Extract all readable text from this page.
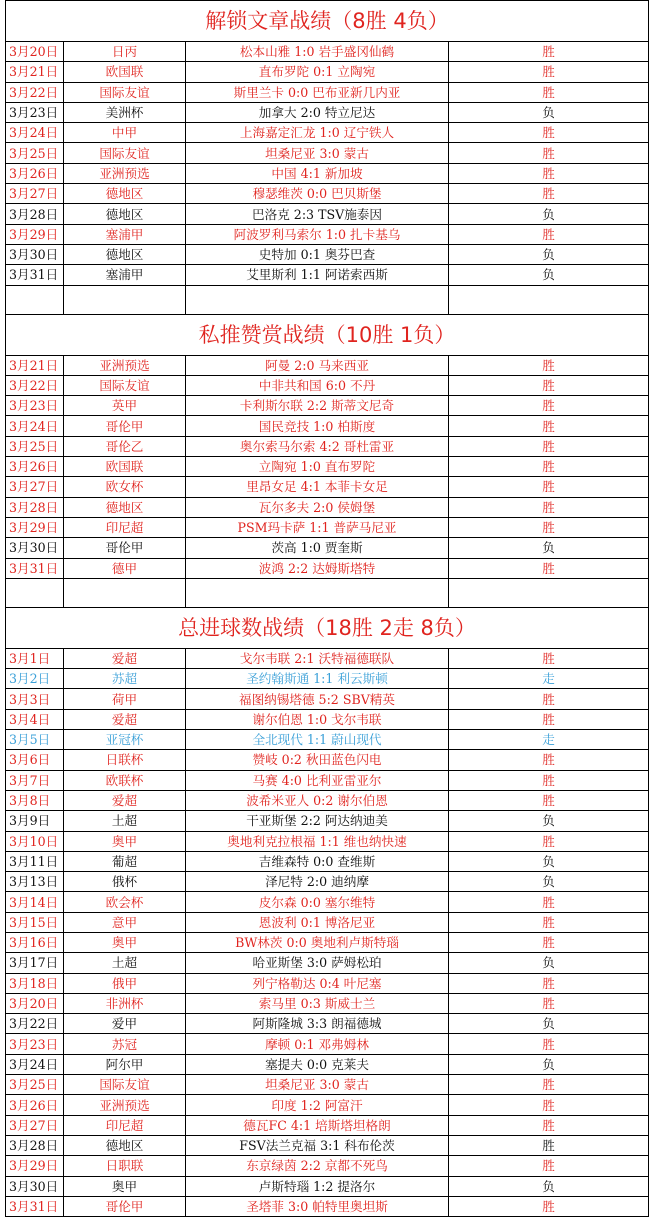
解锁文章战绩（8胜 4负）			
3月20日	日丙	松本山雅 1:0 岩手盛冈仙鹤	胜
3月21日	欧国联	直布罗陀 0:1 立陶宛	胜
3月22日	国际友谊	斯里兰卡 0:0 巴布亚新几内亚	胜
3月23日	美洲杯	加拿大 2:0 特立尼达	负
3月24日	中甲	上海嘉定汇龙 1:0 辽宁铁人	胜
3月25日	国际友谊	坦桑尼亚 3:0 蒙古	胜
3月26日	亚洲预选	中国 4:1 新加坡	胜
3月27日	德地区	穆瑟维茨 0:0 巴贝斯堡	胜
3月28日	德地区	巴洛克 2:3 TSV施泰因	负
3月29日	塞浦甲	阿波罗利马索尔 1:0 扎卡基乌	胜
3月30日	德地区	史特加 0:1 奥芬巴查	负
3月31日	塞浦甲	艾里斯利 1:1 阿诺索西斯	负

私推赞赏战绩（10胜 1负）			
3月21日	亚洲预选	阿曼 2:0 马来西亚	胜
3月22日	国际友谊	中非共和国 6:0 不丹	胜
3月23日	英甲	卡利斯尔联 2:2 斯蒂文尼奇	胜
3月24日	哥伦甲	国民竞技 1:0 柏斯度	胜
3月25日	哥伦乙	奥尔索马尔索 4:2 哥杜雷亚	胜
3月26日	欧国联	立陶宛 1:0 直布罗陀	胜
3月27日	欧女杯	里昂女足 4:1 本菲卡女足	胜
3月28日	德地区	瓦尔多夫 2:0 侯姆堡	胜
3月29日	印尼超	PSM玛卡萨 1:1 普萨马尼亚	胜
3月30日	哥伦甲	茨高 1:0 贾奎斯	负
3月31日	德甲	波鸿 2:2 达姆斯塔特	胜

总进球数战绩（18胜 2走 8负）			
3月1日	爱超	戈尔韦联 2:1 沃特福德联队	胜
3月2日	苏超	圣约翰斯通 1:1 利云斯顿	走
3月3日	荷甲	福图纳锡塔德 5:2 SBV精英	胜
3月4日	爱超	谢尔伯恩 1:0 戈尔韦联	胜
3月5日	亚冠杯	全北现代 1:1 蔚山现代	走
3月6日	日联杯	赞岐 0:2 秋田蓝色闪电	胜
3月7日	欧联杯	马赛 4:0 比利亚雷亚尔	胜
3月8日	爱超	波希米亚人 0:2 谢尔伯恩	胜
3月9日	土超	干亚斯堡 2:2 阿达纳迪美	负
3月10日	奥甲	奥地利克拉根福 1:1 维也纳快速	胜
3月11日	葡超	吉维森特 0:0 查维斯	负
3月13日	俄杯	泽尼特 2:0 迪纳摩	负
3月14日	欧会杯	皮尔森 0:0 塞尔维特	胜
3月15日	意甲	恩波利 0:1 博洛尼亚	胜
3月16日	奥甲	BW林茨 0:0 奥地利卢斯特瑙	胜
3月17日	土超	哈亚斯堡 3:0 萨姆松珀	负
3月18日	俄甲	列宁格勒达 0:4 叶尼塞	胜
3月20日	非洲杯	索马里 0:3 斯威士兰	胜
3月22日	爱甲	阿斯隆城 3:3 朗福德城	负
3月23日	苏冠	摩顿 0:1 邓弗姆林	胜
3月24日	阿尔甲	塞提夫 0:0 克莱夫	负
3月25日	国际友谊	坦桑尼亚 3:0 蒙古	胜
3月26日	亚洲预选	印度 1:2 阿富汗	胜
3月27日	印尼超	德瓦FC 4:1 培斯塔坦格朗	胜
3月28日	德地区	FSV法兰克福 3:1 科布伦茨	胜
3月29日	日职联	东京绿茵 2:2 京都不死鸟	胜
3月30日	奥甲	卢斯特瑙 1:2 提洛尔	负
3月31日	哥伦甲	圣塔菲 3:0 帕特里奥坦斯	胜
